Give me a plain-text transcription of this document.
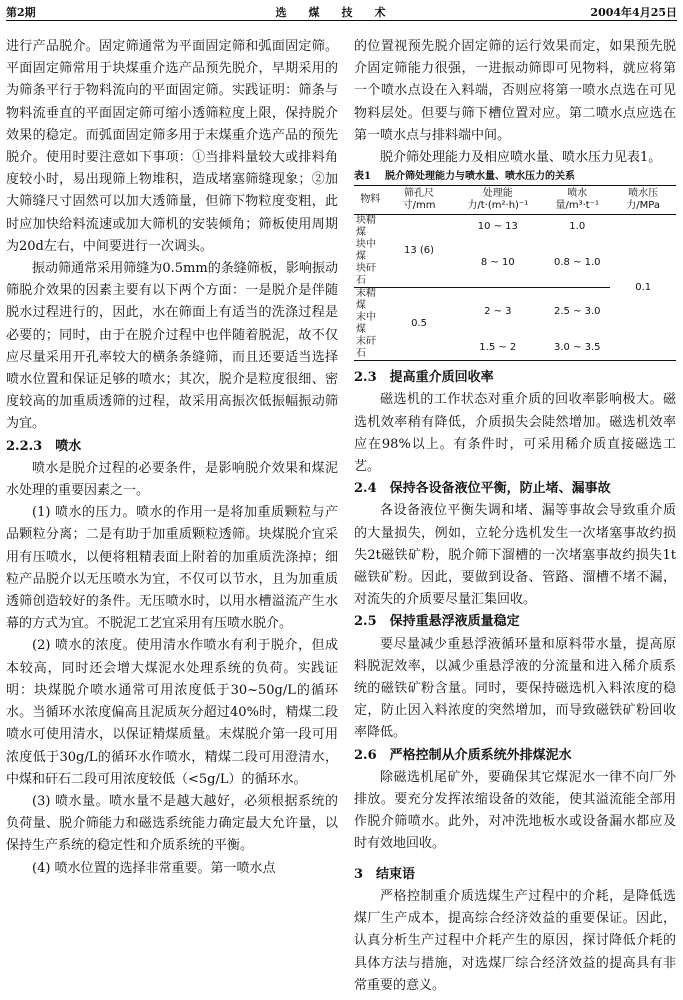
第2期	选煤技术	2004年4月25日

进行产品脱介。固定筛通常为平面固定筛和弧面固定筛。平面固定筛常用于块煤重介选产品预先脱介，早期采用的为筛条平行于物料流向的平面固定筛。实践证明：筛条与物料流垂直的平面固定筛可缩小透筛粒度上限，保持脱介效果的稳定。而弧面固定筛多用于末煤重介选产品的预先脱介。使用时要注意如下事项：①当排料量较大或排料角度较小时，易出现筛上物堆积，造成堵塞筛缝现象；②加大筛缝尺寸固然可以加大透筛量，但筛下物粒度变粗，此时应加快给料流速或加大筛机的安装倾角；筛板使用周期为20d左右，中间要进行一次调头。

振动筛通常采用筛缝为0.5mm的条缝筛板，影响振动筛脱介效果的因素主要有以下两个方面：一是脱介是伴随脱水过程进行的，因此，水在筛面上有适当的洗涤过程是必要的；同时，由于在脱介过程中也伴随着脱泥，故不仅应尽量采用开孔率较大的横条条缝筛，而且还要适当选择喷水位置和保证足够的喷水；其次，脱介是粒度很细、密度较高的加重质透筛的过程，故采用高振次低振幅振动筛为宜。

2.2.3　喷水

喷水是脱介过程的必要条件，是影响脱介效果和煤泥水处理的重要因素之一。

(1) 喷水的压力。喷水的作用一是将加重质颗粒与产品颗粒分离；二是有助于加重质颗粒透筛。块煤脱介宜采用有压喷水，以便将粗精表面上附着的加重质洗涤掉；细粒产品脱介以无压喷水为宜，不仅可以节水，且为加重质透筛创造较好的条件。无压喷水时，以用水槽溢流产生水幕的方式为宜。不脱泥工艺宜采用有压喷水脱介。

(2) 喷水的浓度。使用清水作喷水有利于脱介，但成本较高，同时还会增大煤泥水处理系统的负荷。实践证明：块煤脱介喷水通常可用浓度低于30~50g/L的循环水。当循环水浓度偏高且泥质灰分超过40%时，精煤二段喷水可使用清水，以保证精煤质量。末煤脱介第一段可用浓度低于30g/L的循环水作喷水，精煤二段可用澄清水，中煤和矸石二段可用浓度较低（<5g/L）的循环水。

(3) 喷水量。喷水量不是越大越好，必须根据系统的负荷量、脱介筛能力和磁选系统能力确定最大允许量，以保持生产系统的稳定性和介质系统的平衡。

(4) 喷水位置的选择非常重要。第一喷水点

的位置视预先脱介固定筛的运行效果而定，如果预先脱介固定筛能力很强，一进振动筛即可见物料，就应将第一个喷水点设在入料端，否则应将第一喷水点选在可见物料层处。但要与筛下槽位置对应。第二喷水点应选在第一喷水点与排料端中间。

脱介筛处理能力及相应喷水量、喷水压力见表1。

表1 脱介筛处理能力与喷水量、喷水压力的关系

物料	筛孔尺寸/mm	处理能力/t·(m²·h)⁻¹	喷水量/m³·t⁻¹	喷水压力/MPa
块精煤	13 (6)	10 ~ 13	1.0	0.1
块中煤		8 ~ 10	0.8 ~ 1.0	
块矸石				
末精煤	0.5	2 ~ 3	2.5 ~ 3.0	
末中煤				
末矸石		1.5 ~ 2	3.0 ~ 3.5	

2.3　提高重介质回收率

磁选机的工作状态对重介质的回收率影响极大。磁选机效率稍有降低，介质损失会陡然增加。磁选机效率应在98%以上。有条件时，可采用稀介质直接磁选工艺。

2.4　保持各设备液位平衡，防止堵、漏事故

各设备液位平衡失调和堵、漏等事故会导致重介质的大量损失，例如，立轮分选机发生一次堵塞事故约损失2t磁铁矿粉，脱介筛下溜槽的一次堵塞事故约损失1t磁铁矿粉。因此，要做到设备、管路、溜槽不堵不漏，对流失的介质要尽量汇集回收。

2.5　保持重悬浮液质量稳定

要尽量减少重悬浮液循环量和原料带水量，提高原料脱泥效率，以减少重悬浮液的分流量和进入稀介质系统的磁铁矿粉含量。同时，要保持磁选机入料浓度的稳定，防止因入料浓度的突然增加，而导致磁铁矿粉回收率降低。

2.6　严格控制从介质系统外排煤泥水

除磁选机尾矿外，要确保其它煤泥水一律不向厂外排放。要充分发挥浓缩设备的效能，使其溢流能全部用作脱介筛喷水。此外，对冲洗地板水或设备漏水都应及时有效地回收。

3　结束语

严格控制重介质选煤生产过程中的介耗，是降低选煤厂生产成本，提高综合经济效益的重要保证。因此，认真分析生产过程中介耗产生的原因，探讨降低介耗的具体方法与措施，对选煤厂综合经济效益的提高具有非常重要的意义。
